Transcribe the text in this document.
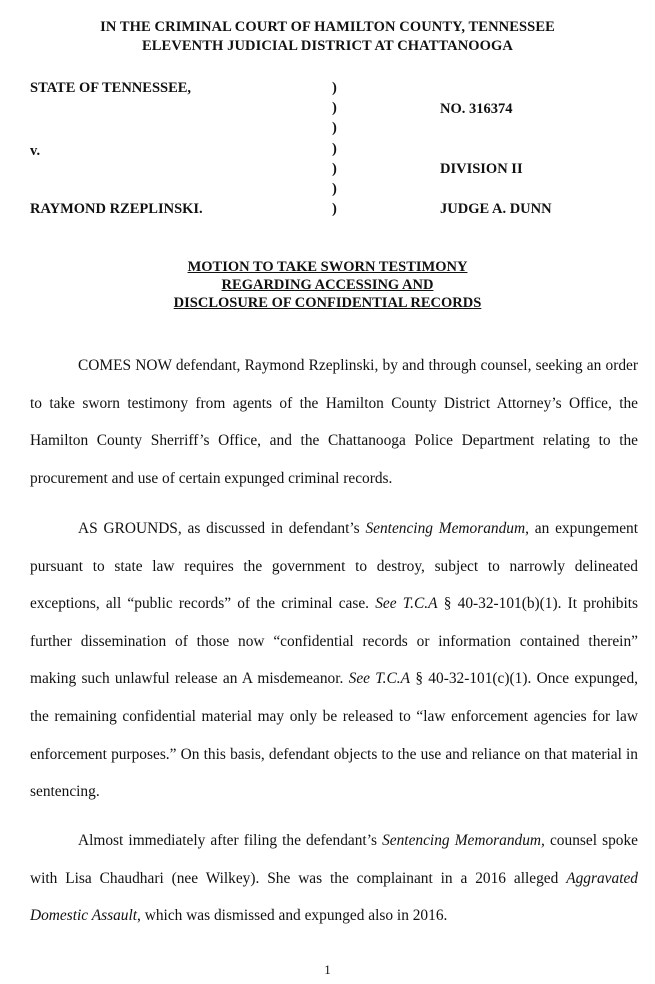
IN THE CRIMINAL COURT OF HAMILTON COUNTY, TENNESSEE
ELEVENTH JUDICIAL DISTRICT AT CHATTANOOGA
STATE OF TENNESSEE,
v.
RAYMOND RZEPLINSKI.
)
)
)
)
)
)
)
NO. 316374
DIVISION II
JUDGE A. DUNN
MOTION TO TAKE SWORN TESTIMONY
REGARDING ACCESSING AND
DISCLOSURE OF CONFIDENTIAL RECORDS

COMES NOW defendant, Raymond Rzeplinski, by and through counsel, seeking an order to take sworn testimony from agents of the Hamilton County District Attorney’s Office, the Hamilton County Sherriff’s Office, and the Chattanooga Police Department relating to the procurement and use of certain expunged criminal records.

AS GROUNDS, as discussed in defendant’s Sentencing Memorandum, an expungement pursuant to state law requires the government to destroy, subject to narrowly delineated exceptions, all “public records” of the criminal case. See T.C.A § 40-32-101(b)(1). It prohibits further dissemination of those now “confidential records or information contained therein” making such unlawful release an A misdemeanor. See T.C.A § 40-32-101(c)(1). Once expunged, the remaining confidential material may only be released to “law enforcement agencies for law enforcement purposes.” On this basis, defendant objects to the use and reliance on that material in sentencing.

Almost immediately after filing the defendant’s Sentencing Memorandum, counsel spoke with Lisa Chaudhari (nee Wilkey). She was the complainant in a 2016 alleged Aggravated Domestic Assault, which was dismissed and expunged also in 2016.

1
